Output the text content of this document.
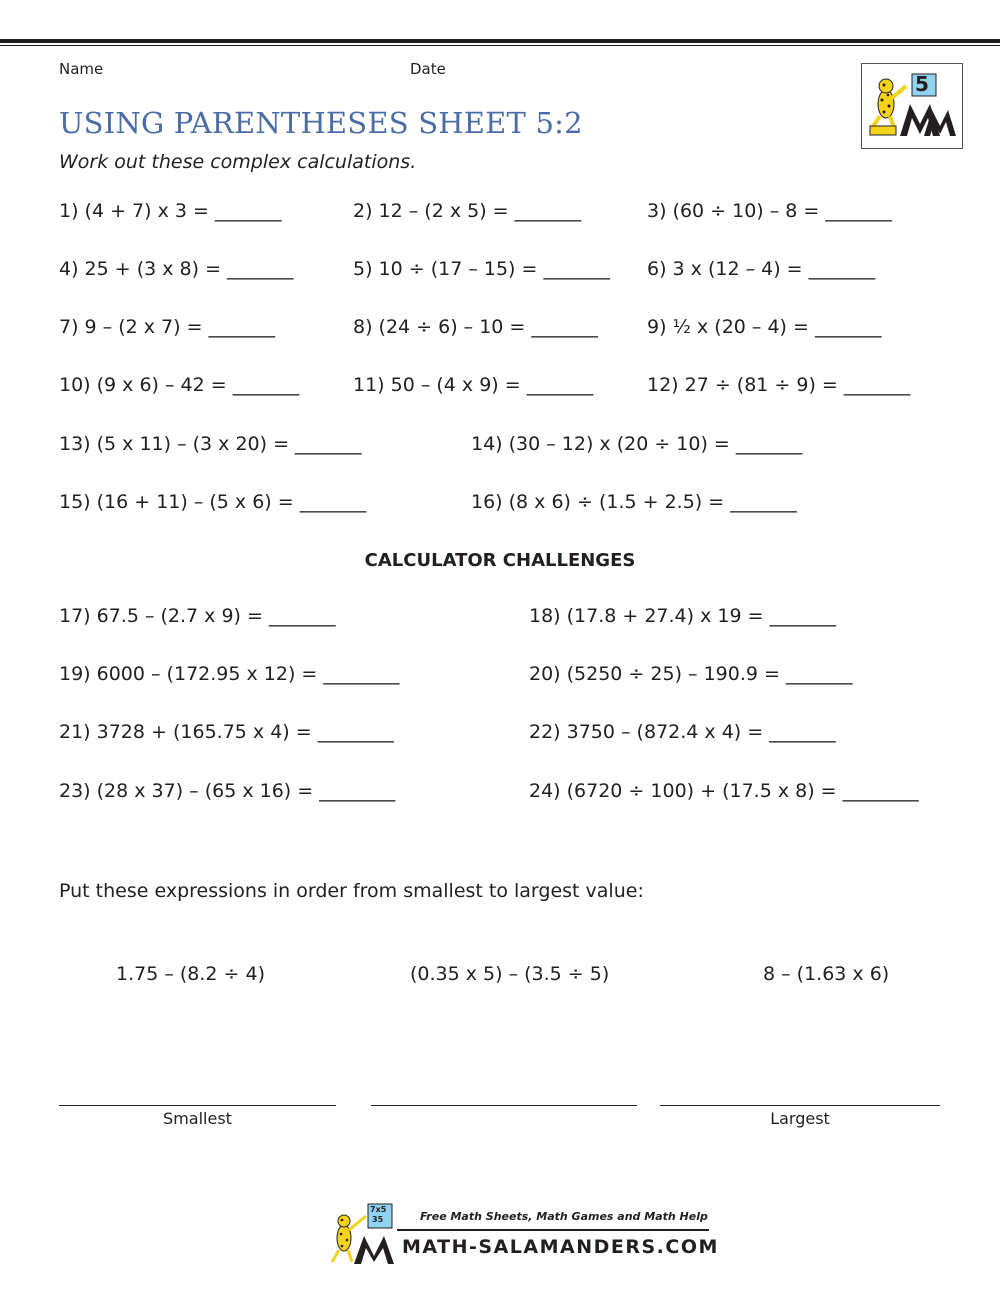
Name	Date
5
USING PARENTHESES SHEET 5:2
Work out these complex calculations.
1) (4 + 7) x 3 = _______	2) 12 – (2 x 5) = _______	3) (60 ÷ 10) – 8 = _______
4) 25 + (3 x 8) = _______	5) 10 ÷ (17 – 15) = _______ 6) 3 x (12 – 4) = _______
7) 9 – (2 x 7) = _______	8) (24 ÷ 6) – 10 = _______	9) ½ x (20 – 4) = _______
10) (9 x 6) – 42 = _______	11) 50 – (4 x 9) = _______	12) 27 ÷ (81 ÷ 9) = _______
13) (5 x 11) – (3 x 20) = _______	14) (30 – 12) x (20 ÷ 10) = _______
15) (16 + 11) – (5 x 6) = _______	16) (8 x 6) ÷ (1.5 + 2.5) = _______
CALCULATOR CHALLENGES
17) 67.5 – (2.7 x 9) = _______	18) (17.8 + 27.4) x 19 = _______
19) 6000 – (172.95 x 12) = ________	20) (5250 ÷ 25) – 190.9 = _______
21) 3728 + (165.75 x 4) = ________	22) 3750 – (872.4 x 4) = _______
23) (28 x 37) – (65 x 16) = ________	24) (6720 ÷ 100) + (17.5 x 8) = ________
Put these expressions in order from smallest to largest value:
1.75 – (8.2 ÷ 4)	(0.35 x 5) – (3.5 ÷ 5)	8 – (1.63 x 6)
Smallest	Largest
7x5
35	Free Math Sheets, Math Games and Math Help
MATH-SALAMANDERS.COM
